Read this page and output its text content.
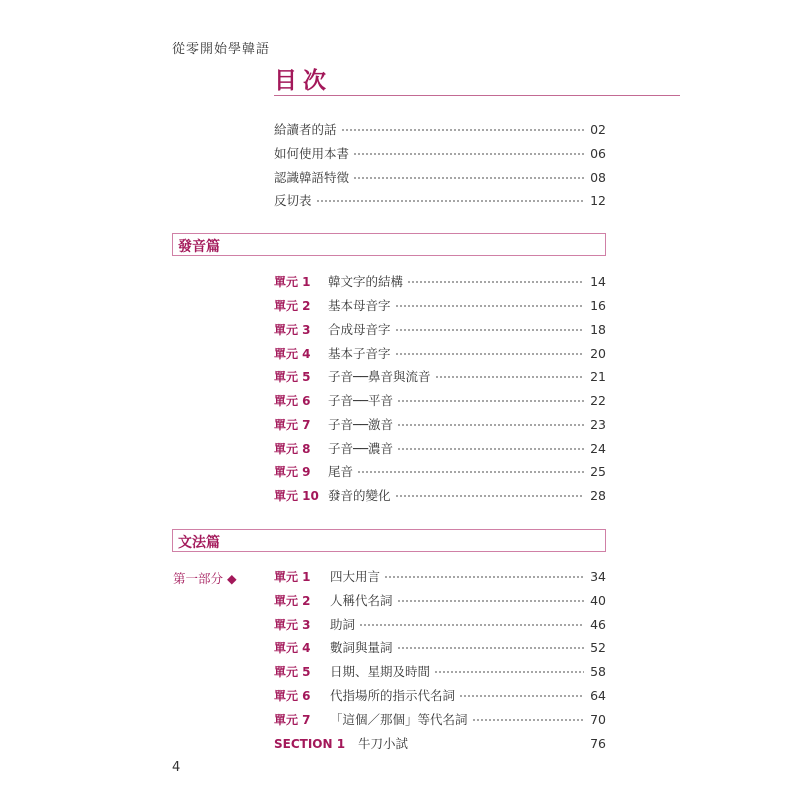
從零開始學韓語
目次
給讀者的話	02
如何使用本書	06
認識韓語特徵	08
反切表	12
發音篇
單元 1	韓文字的結構	14
單元 2	基本母音字	16
單元 3	合成母音字	18
單元 4	基本子音字	20
單元 5	子音──鼻音與流音	21
單元 6	子音──平音	22
單元 7	子音──激音	23
單元 8	子音──濃音	24
單元 9	尾音	25
單元 10 發音的變化	28
文法篇
第一部分 ◆	單元 1	四大用言	34
單元 2	人稱代名詞	40
單元 3	助詞	46
單元 4	數詞與量詞	52
單元 5	日期、星期及時間	58
單元 6	代指場所的指示代名詞	64
單元 7	「這個／那個」等代名詞	70
SECTION 1	牛刀小試	76
4
